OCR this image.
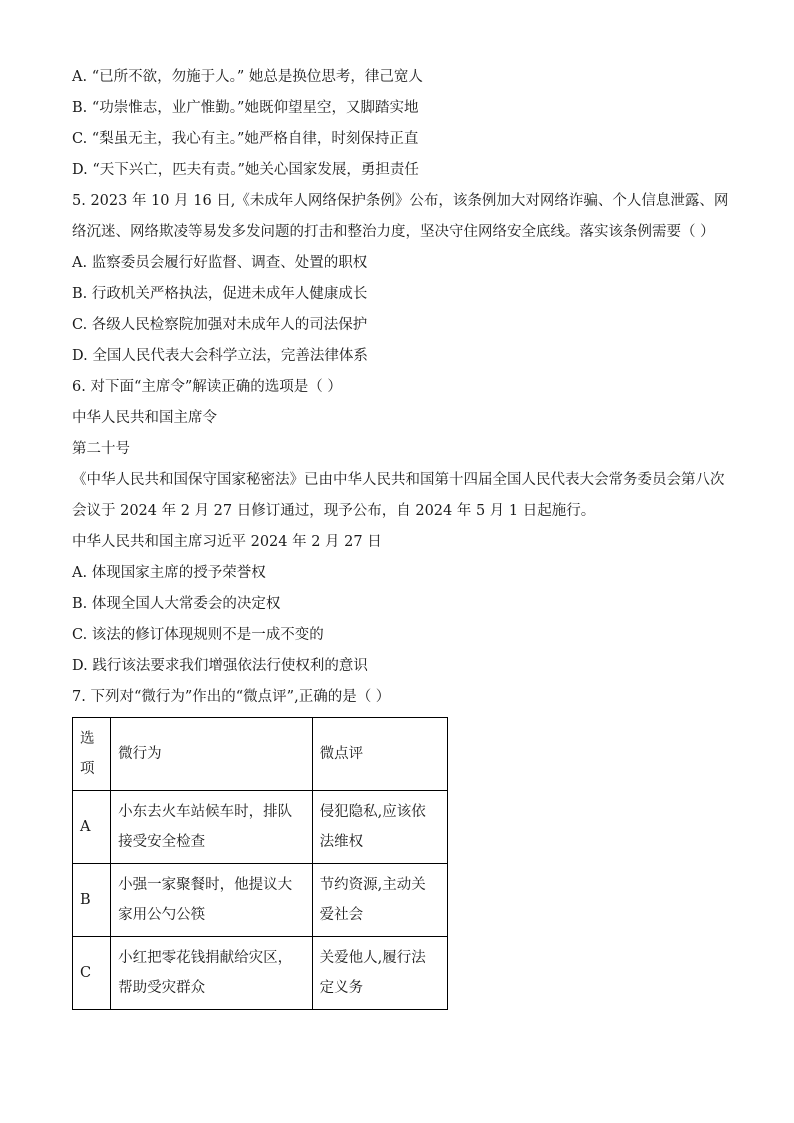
A. “已所不欲，勿施于人。” 她总是换位思考，律己宽人
B. “功崇惟志，业广惟勤。”她既仰望星空，又脚踏实地
C. “梨虽无主，我心有主。”她严格自律，时刻保持正直
D. “天下兴亡，匹夫有责。”她关心国家发展，勇担责任
5. 2023 年 10 月 16 日,《未成年人网络保护条例》公布，该条例加大对网络诈骗、个人信息泄露、网络沉迷、网络欺凌等易发多发问题的打击和整治力度，坚决守住网络安全底线。落实该条例需要（ ）
A. 监察委员会履行好监督、调查、处置的职权
B. 行政机关严格执法，促进未成年人健康成长
C. 各级人民检察院加强对未成年人的司法保护
D. 全国人民代表大会科学立法，完善法律体系
6. 对下面“主席令”解读正确的选项是（ ）
中华人民共和国主席令
第二十号
《中华人民共和国保守国家秘密法》已由中华人民共和国第十四届全国人民代表大会常务委员会第八次会议于 2024 年 2 月 27 日修订通过，现予公布，自 2024 年 5 月 1 日起施行。
中华人民共和国主席习近平 2024 年 2 月 27 日
A. 体现国家主席的授予荣誉权
B. 体现全国人大常委会的决定权
C. 该法的修订体现规则不是一成不变的
D. 践行该法要求我们增强依法行使权利的意识
7. 下列对“微行为”作出的“微点评”,正确的是（ ）
选项	微行为	微点评
A	小东去火车站候车时，排队接受安全检查	侵犯隐私,应该依法维权
B	小强一家聚餐时，他提议大家用公勺公筷	节约资源,主动关爱社会
C	小红把零花钱捐献给灾区，帮助受灾群众	关爱他人,履行法定义务
